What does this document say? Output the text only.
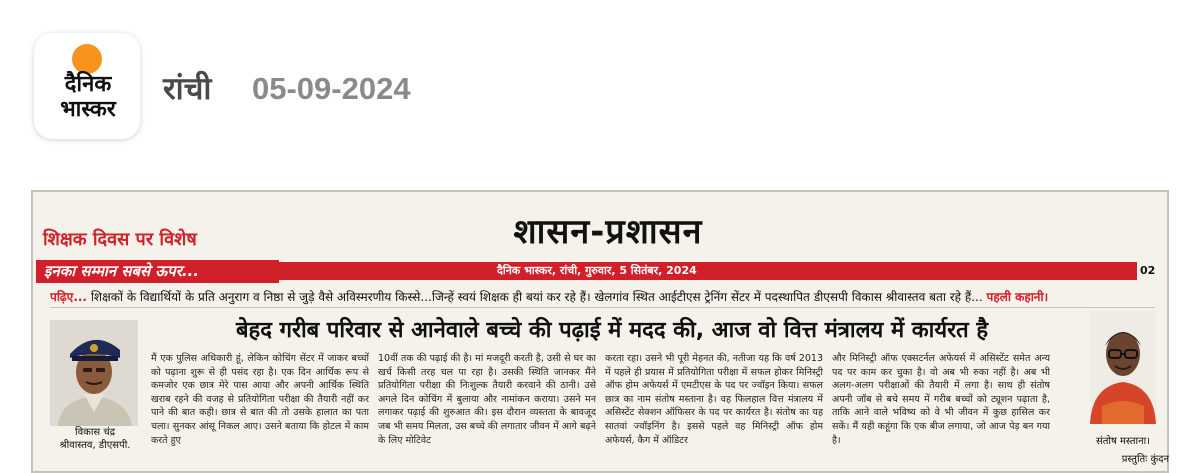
दैनिक
भास्कर
रांची 05-09-2024
शिक्षक दिवस पर विशेष	शासन-प्रशासन
इनका सम्मान सबसे ऊपर...	दैनिक भास्कर, रांची, गुरुवार, 5 सितंबर, 2024	02
पढ़िए... शिक्षकों के विद्यार्थियों के प्रति अनुराग व निष्ठा से जुड़े वैसे अविस्मरणीय किस्से...जिन्हें स्वयं शिक्षक ही बयां कर रहे हैं। खेलगांव स्थित आईटीएस ट्रेनिंग सेंटर में पदस्थापित डीएसपी विकास श्रीवास्तव बता रहे हैं... पहली कहानी।
बेहद गरीब परिवार से आनेवाले बच्चे की पढ़ाई में मदद की, आज वो वित्त मंत्रालय में कार्यरत है
विकास चंद्र
श्रीवास्तव, डीएसपी.	संतोष मस्ताना।
प्रस्तुतिः कुंदन
मैं एक पुलिस अधिकारी हूं, लेकिन कोचिंग सेंटर में जाकर बच्चों को पढ़ाना शुरू से ही पसंद रहा है। एक दिन आर्थिक रूप से कमजोर एक छात्र मेरे पास आया और अपनी आर्थिक स्थिति खराब रहने की वजह से प्रतियोगिता परीक्षा की तैयारी नहीं कर पाने की बात कही। छात्र से बात की तो उसके हालात का पता चला। सुनकर आंसू निकल आए। उसने बताया कि होटल में काम करते हुए
10वीं तक की पढ़ाई की है। मां मजदूरी करती है, उसी से घर का खर्च किसी तरह चल पा रहा है। उसकी स्थिति जानकर मैंने प्रतियोगिता परीक्षा की निःशुल्क तैयारी करवाने की ठानी। उसे अगले दिन कोचिंग में बुलाया और नामांकन कराया। उसने मन लगाकर पढ़ाई की शुरुआत की। इस दौरान व्यस्तता के बावजूद जब भी समय मिलता, उस बच्चे की लगातार जीवन में आगे बढ़ने के लिए मोटिवेट
करता रहा। उसने भी पूरी मेहनत की, नतीजा यह कि वर्ष 2013 में पहले ही प्रयास में प्रतियोगिता परीक्षा में सफल होकर मिनिस्ट्री ऑफ होम अफेयर्स में एमटीएस के पद पर ज्वॉइन किया। सफल छात्र का नाम संतोष मस्ताना है। वह फिलहाल वित्त मंत्रालय में असिस्टेंट सेक्शन ऑफिसर के पद पर कार्यरत है। संतोष का यह सातवां ज्वॉइनिंग है। इससे पहले वह मिनिस्ट्री ऑफ होम अफेयर्स, कैग में ऑडिटर
और मिनिस्ट्री ऑफ एक्सटर्नल अफेयर्स में असिस्टेंट समेत अन्य पद पर काम कर चुका है। वो अब भी रुका नहीं है। अब भी अलग-अलग परीक्षाओं की तैयारी में लगा है। साथ ही संतोष अपनी जॉब से बचे समय में गरीब बच्चों को ट्यूशन पढ़ाता है, ताकि आने वाले भविष्य को वे भी जीवन में कुछ हासिल कर सकें। मैं यही कहूंगा कि एक बीज लगाया, जो आज पेड़ बन गया है।
